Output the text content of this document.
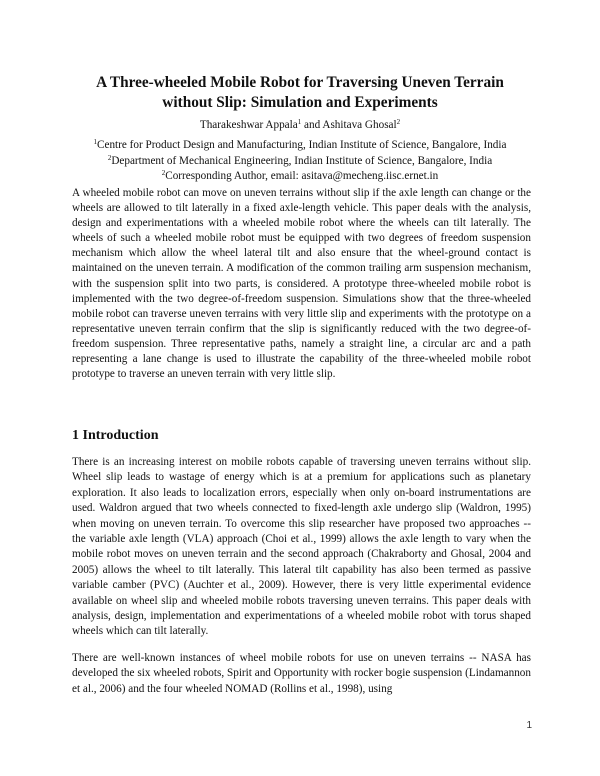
A Three-wheeled Mobile Robot for Traversing Uneven Terrain
without Slip: Simulation and Experiments
Tharakeshwar Appala$^1$ and Ashitava Ghosal$^2$
$^1$Centre for Product Design and Manufacturing, Indian Institute of Science, Bangalore, India
$^2$Department of Mechanical Engineering, Indian Institute of Science, Bangalore, India
$^2$Corresponding Author, email: asitava@mecheng.iisc.ernet.in

A wheeled mobile robot can move on uneven terrains without slip if the axle length can change or the wheels are allowed to tilt laterally in a fixed axle-length vehicle. This paper deals with the analysis, design and experimentations with a wheeled mobile robot where the wheels can tilt laterally. The wheels of such a wheeled mobile robot must be equipped with two degrees of freedom suspension mechanism which allow the wheel lateral tilt and also ensure that the wheel-ground contact is maintained on the uneven terrain. A modification of the common trailing arm suspension mechanism, with the suspension split into two parts, is considered. A prototype three-wheeled mobile robot is implemented with the two degree-of-freedom suspension. Simulations show that the three-wheeled mobile robot can traverse uneven terrains with very little slip and experiments with the prototype on a representative uneven terrain confirm that the slip is significantly reduced with the two degree-of-freedom suspension. Three representative paths, namely a straight line, a circular arc and a path representing a lane change is used to illustrate the capability of the three-wheeled mobile robot prototype to traverse an uneven terrain with very little slip.

1 Introduction

There is an increasing interest on mobile robots capable of traversing uneven terrains without slip. Wheel slip leads to wastage of energy which is at a premium for applications such as planetary exploration. It also leads to localization errors, especially when only on-board instrumentations are used. Waldron argued that two wheels connected to fixed-length axle undergo slip (Waldron, 1995) when moving on uneven terrain. To overcome this slip researcher have proposed two approaches -- the variable axle length (VLA) approach (Choi et al., 1999) allows the axle length to vary when the mobile robot moves on uneven terrain and the second approach (Chakraborty and Ghosal, 2004 and 2005) allows the wheel to tilt laterally. This lateral tilt capability has also been termed as passive variable camber (PVC) (Auchter et al., 2009). However, there is very little experimental evidence available on wheel slip and wheeled mobile robots traversing uneven terrains. This paper deals with analysis, design, implementation and experimentations of a wheeled mobile robot with torus shaped wheels which can tilt laterally.

There are well-known instances of wheel mobile robots for use on uneven terrains -- NASA has developed the six wheeled robots, Spirit and Opportunity with rocker bogie suspension (Lindamannon et al., 2006) and the four wheeled NOMAD (Rollins et al., 1998), using

1
